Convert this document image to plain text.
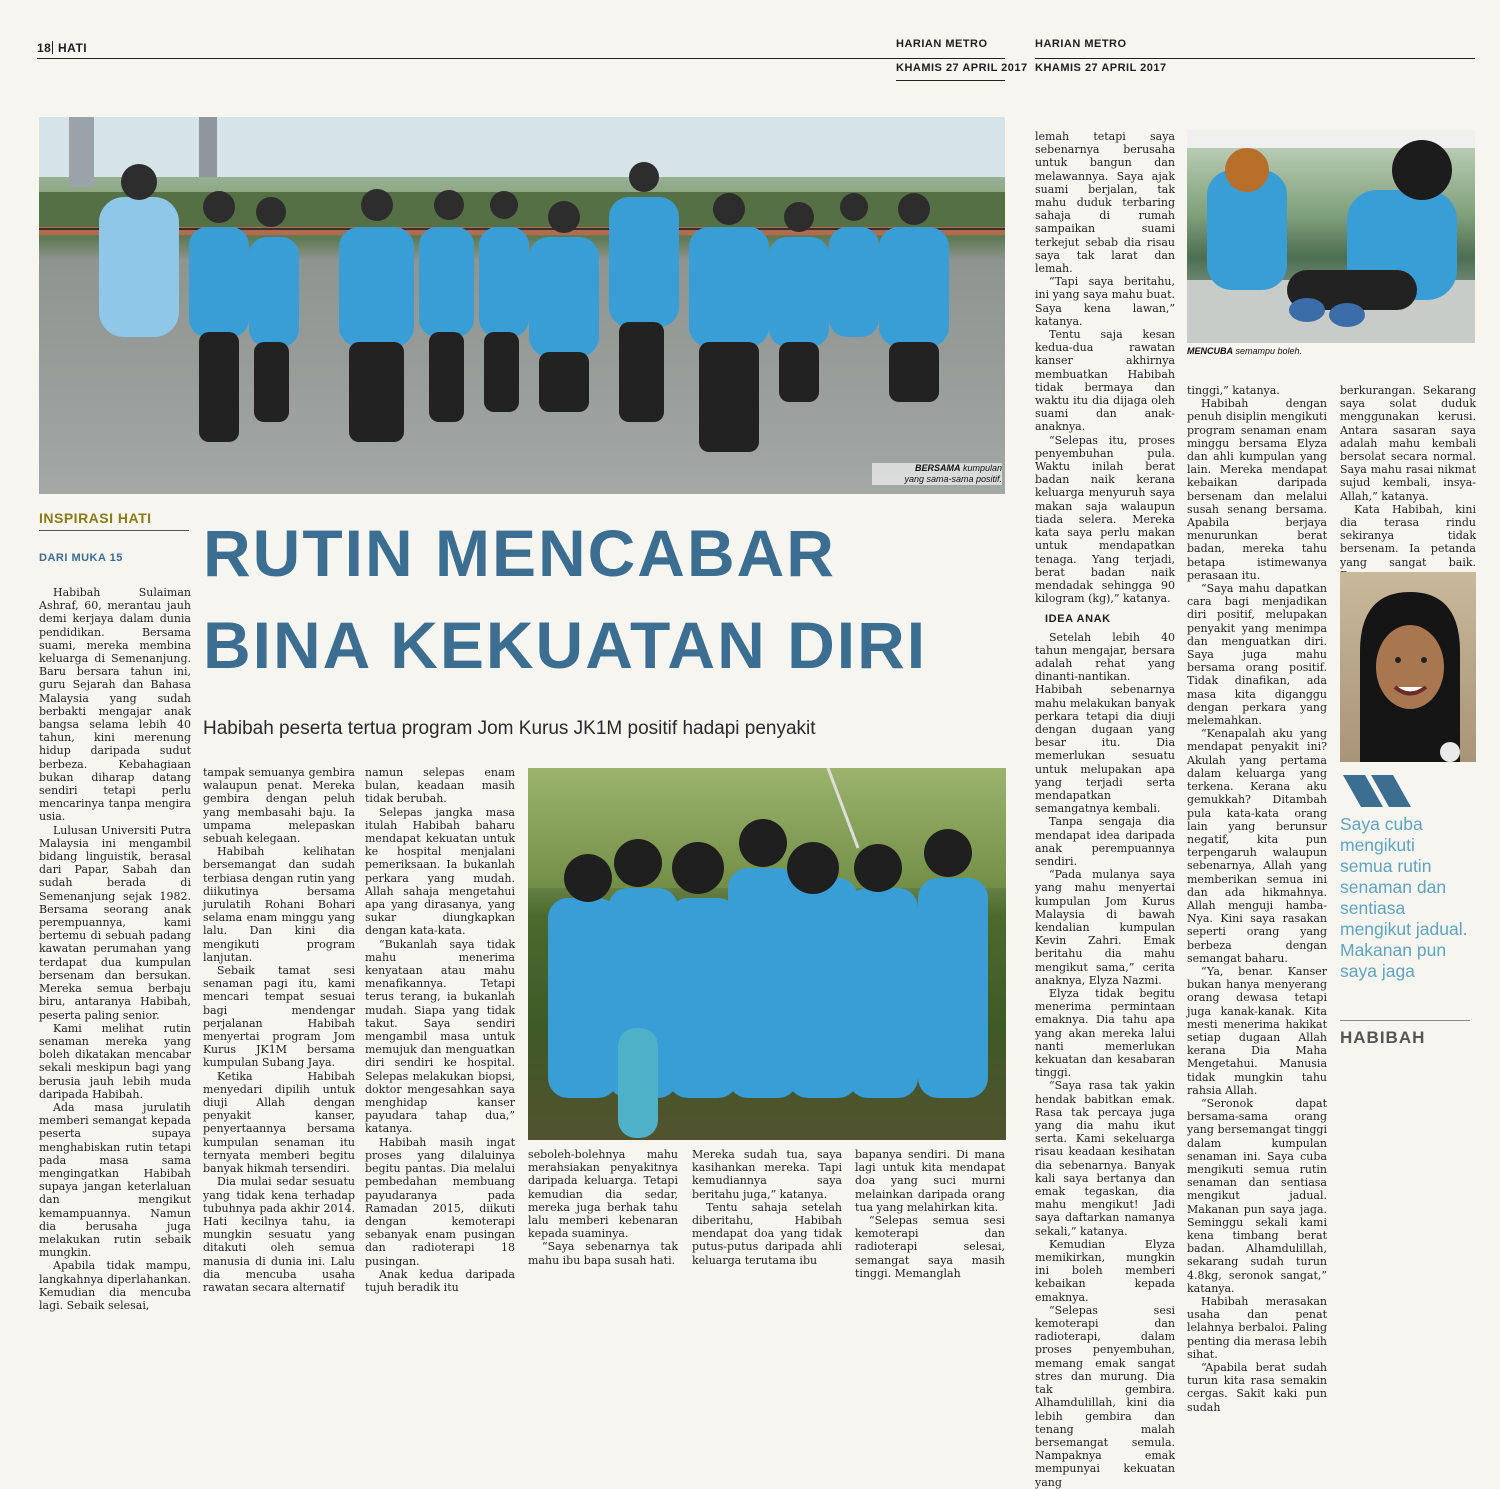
18 HATI	HARIAN METRO
KHAMIS 27 APRIL 2017
HARIAN METRO
KHAMIS 27 APRIL 2017
BERSAMA kumpulan
yang sama-sama positif.
INSPIRASI HATI
DARI MUKA 15 RUTIN MENCABAR
BINA KEKUATAN DIRI
Habibah peserta tertua program Jom Kurus JK1M positif hadapi penyakit

Habibah Sulaiman Ashraf, 60, merantau jauh demi kerjaya dalam dunia pendidikan. Bersama suami, mereka membina keluarga di Semenanjung. Baru bersara tahun ini, guru Sejarah dan Bahasa Malaysia yang sudah berbakti mengajar anak bangsa selama lebih 40 tahun, kini merenung hidup daripada sudut berbeza. Kebahagiaan bukan diharap datang sendiri tetapi perlu mencarinya tanpa mengira usia.

Lulusan Universiti Putra Malaysia ini mengambil bidang linguistik, berasal dari Papar, Sabah dan sudah berada di Semenanjung sejak 1982. Bersama seorang anak perempuannya, kami bertemu di sebuah padang kawatan perumahan yang terdapat dua kumpulan bersenam dan bersukan. Mereka semua berbaju biru, antaranya Habibah, peserta paling senior.

Kami melihat rutin senaman mereka yang boleh dikatakan mencabar sekali meskipun bagi yang berusia jauh lebih muda daripada Habibah.

Ada masa jurulatih memberi semangat kepada peserta supaya menghabiskan rutin tetapi pada masa sama mengingatkan Habibah supaya jangan keterlaluan dan mengikut kemampuannya. Namun dia berusaha juga melakukan rutin sebaik mungkin.

Apabila tidak mampu, langkahnya diperlahankan. Kemudian dia mencuba lagi. Sebaik selesai,

tampak semuanya gembira walaupun penat. Mereka gembira dengan peluh yang membasahi baju. Ia umpama melepaskan sebuah kelegaan.

Habibah kelihatan bersemangat dan sudah terbiasa dengan rutin yang diikutinya bersama jurulatih Rohani Bohari selama enam minggu yang lalu. Dan kini dia mengikuti program lanjutan.

Sebaik tamat sesi senaman pagi itu, kami mencari tempat sesuai bagi mendengar perjalanan Habibah menyertai program Jom Kurus JK1M bersama kumpulan Subang Jaya.

Ketika Habibah menyedari dipilih untuk diuji Allah dengan penyakit kanser, penyertaannya bersama kumpulan senaman itu ternyata memberi begitu banyak hikmah tersendiri.

Dia mulai sedar sesuatu yang tidak kena terhadap tubuhnya pada akhir 2014. Hati kecilnya tahu, ia mungkin sesuatu yang ditakuti oleh semua manusia di dunia ini. Lalu dia mencuba usaha rawatan secara alternatif

namun selepas enam bulan, keadaan masih tidak berubah.

Selepas jangka masa itulah Habibah baharu mendapat kekuatan untuk ke hospital menjalani pemeriksaan. Ia bukanlah perkara yang mudah. Allah sahaja mengetahui apa yang dirasanya, yang sukar diungkapkan dengan kata-kata.

“Bukanlah saya tidak mahu menerima kenyataan atau mahu menafikannya. Tetapi terus terang, ia bukanlah mudah. Siapa yang tidak takut. Saya sendiri mengambil masa untuk memujuk dan menguatkan diri sendiri ke hospital. Selepas melakukan biopsi, doktor mengesahkan saya menghidap kanser payudara tahap dua,” katanya.

Habibah masih ingat proses yang dilaluinya begitu pantas. Dia melalui pembedahan membuang payudaranya pada Ramadan 2015, diikuti dengan kemoterapi sebanyak enam pusingan dan radioterapi 18 pusingan.

Anak kedua daripada tujuh beradik itu

seboleh-bolehnya mahu merahsiakan penyakitnya daripada keluarga. Tetapi kemudian dia sedar, mereka juga berhak tahu lalu memberi kebenaran kepada suaminya.

“Saya sebenarnya tak mahu ibu bapa susah hati.

Mereka sudah tua, saya kasihankan mereka. Tapi kemudiannya saya beritahu juga,” katanya.

Tentu sahaja setelah diberitahu, Habibah mendapat doa yang tidak putus-putus daripada ahli keluarga terutama ibu

bapanya sendiri. Di mana lagi untuk kita mendapat doa yang suci murni melainkan daripada orang tua yang melahirkan kita.

“Selepas semua sesi kemoterapi dan radioterapi selesai, semangat saya masih tinggi. Memanglah

lemah tetapi saya sebenarnya berusaha untuk bangun dan melawannya. Saya ajak suami berjalan, tak mahu duduk terbaring sahaja di rumah sampaikan suami terkejut sebab dia risau saya tak larat dan lemah.

“Tapi saya beritahu, ini yang saya mahu buat. Saya kena lawan,” katanya.

Tentu saja kesan kedua-dua rawatan kanser akhirnya membuatkan Habibah tidak bermaya dan waktu itu dia dijaga oleh suami dan anak-anaknya.

“Selepas itu, proses penyembuhan pula. Waktu inilah berat badan naik kerana keluarga menyuruh saya makan saja walaupun tiada selera. Mereka kata saya perlu makan untuk mendapatkan tenaga. Yang terjadi, berat badan naik mendadak sehingga 90 kilogram (kg),” katanya.

IDEA ANAK

Setelah lebih 40 tahun mengajar, bersara adalah rehat yang dinanti-nantikan. Habibah sebenarnya mahu melakukan banyak perkara tetapi dia diuji dengan dugaan yang besar itu. Dia memerlukan sesuatu untuk melupakan apa yang terjadi serta mendapatkan semangatnya kembali.

Tanpa sengaja dia mendapat idea daripada anak perempuannya sendiri.

“Pada mulanya saya yang mahu menyertai kumpulan Jom Kurus Malaysia di bawah kendalian kumpulan Kevin Zahri. Emak beritahu dia mahu mengikut sama,” cerita anaknya, Elyza Nazmi.

Elyza tidak begitu menerima permintaan emaknya. Dia tahu apa yang akan mereka lalui nanti memerlukan kekuatan dan kesabaran tinggi.

“Saya rasa tak yakin hendak babitkan emak. Rasa tak percaya juga yang dia mahu ikut serta. Kami sekeluarga risau keadaan kesihatan dia sebenarnya. Banyak kali saya bertanya dan emak tegaskan, dia mahu mengikut! Jadi saya daftarkan namanya sekali,” katanya.

Kemudian Elyza memikirkan, mungkin ini boleh memberi kebaikan kepada emaknya.

“Selepas sesi kemoterapi dan radioterapi, dalam proses penyembuhan, memang emak sangat stres dan murung. Dia tak gembira. Alhamdulillah, kini dia lebih gembira dan tenang malah bersemangat semula. Nampaknya emak mempunyai kekuatan yang

MENCUBA semampu boleh.

tinggi,” katanya.

Habibah dengan penuh disiplin mengikuti program senaman enam minggu bersama Elyza dan ahli kumpulan yang lain. Mereka mendapat kebaikan daripada bersenam dan melalui susah senang bersama. Apabila berjaya menurunkan berat badan, mereka tahu betapa istimewanya perasaan itu.

“Saya mahu dapatkan cara bagi menjadikan diri positif, melupakan penyakit yang menimpa dan menguatkan diri. Saya juga mahu bersama orang positif. Tidak dinafikan, ada masa kita diganggu dengan perkara yang melemahkan.

“Kenapalah aku yang mendapat penyakit ini? Akulah yang pertama dalam keluarga yang terkena. Kerana aku gemukkah? Ditambah pula kata-kata orang lain yang berunsur negatif, kita pun terpengaruh walaupun sebenarnya, Allah yang memberikan semua ini dan ada hikmahnya. Allah menguji hamba-Nya. Kini saya rasakan seperti orang yang berbeza dengan semangat baharu.

“Ya, benar. Kanser bukan hanya menyerang orang dewasa tetapi juga kanak-kanak. Kita mesti menerima hakikat setiap dugaan Allah kerana Dia Maha Mengetahui. Manusia tidak mungkin tahu rahsia Allah.

“Seronok dapat bersama-sama orang yang bersemangat tinggi dalam kumpulan senaman ini. Saya cuba mengikuti semua rutin senaman dan sentiasa mengikut jadual. Makanan pun saya jaga. Seminggu sekali kami kena timbang berat badan. Alhamdulillah, sekarang sudah turun 4.8kg, seronok sangat,” katanya.

Habibah merasakan usaha dan penat lelahnya berbaloi. Paling penting dia merasa lebih sihat.

“Apabila berat sudah turun kita rasa semakin cergas. Sakit kaki pun sudah

berkurangan. Sekarang saya solat duduk menggunakan kerusi. Antara sasaran saya adalah mahu kembali bersolat secara normal. Saya mahu rasai nikmat sujud kembali, insya-Allah,” katanya.

Kata Habibah, kini dia terasa rindu sekiranya tidak bersenam. Ia petanda yang sangat baik.

Saya cuba mengikuti semua rutin senaman dan sentiasa mengikut jadual. Makanan pun saya jaga
HABIBAH
